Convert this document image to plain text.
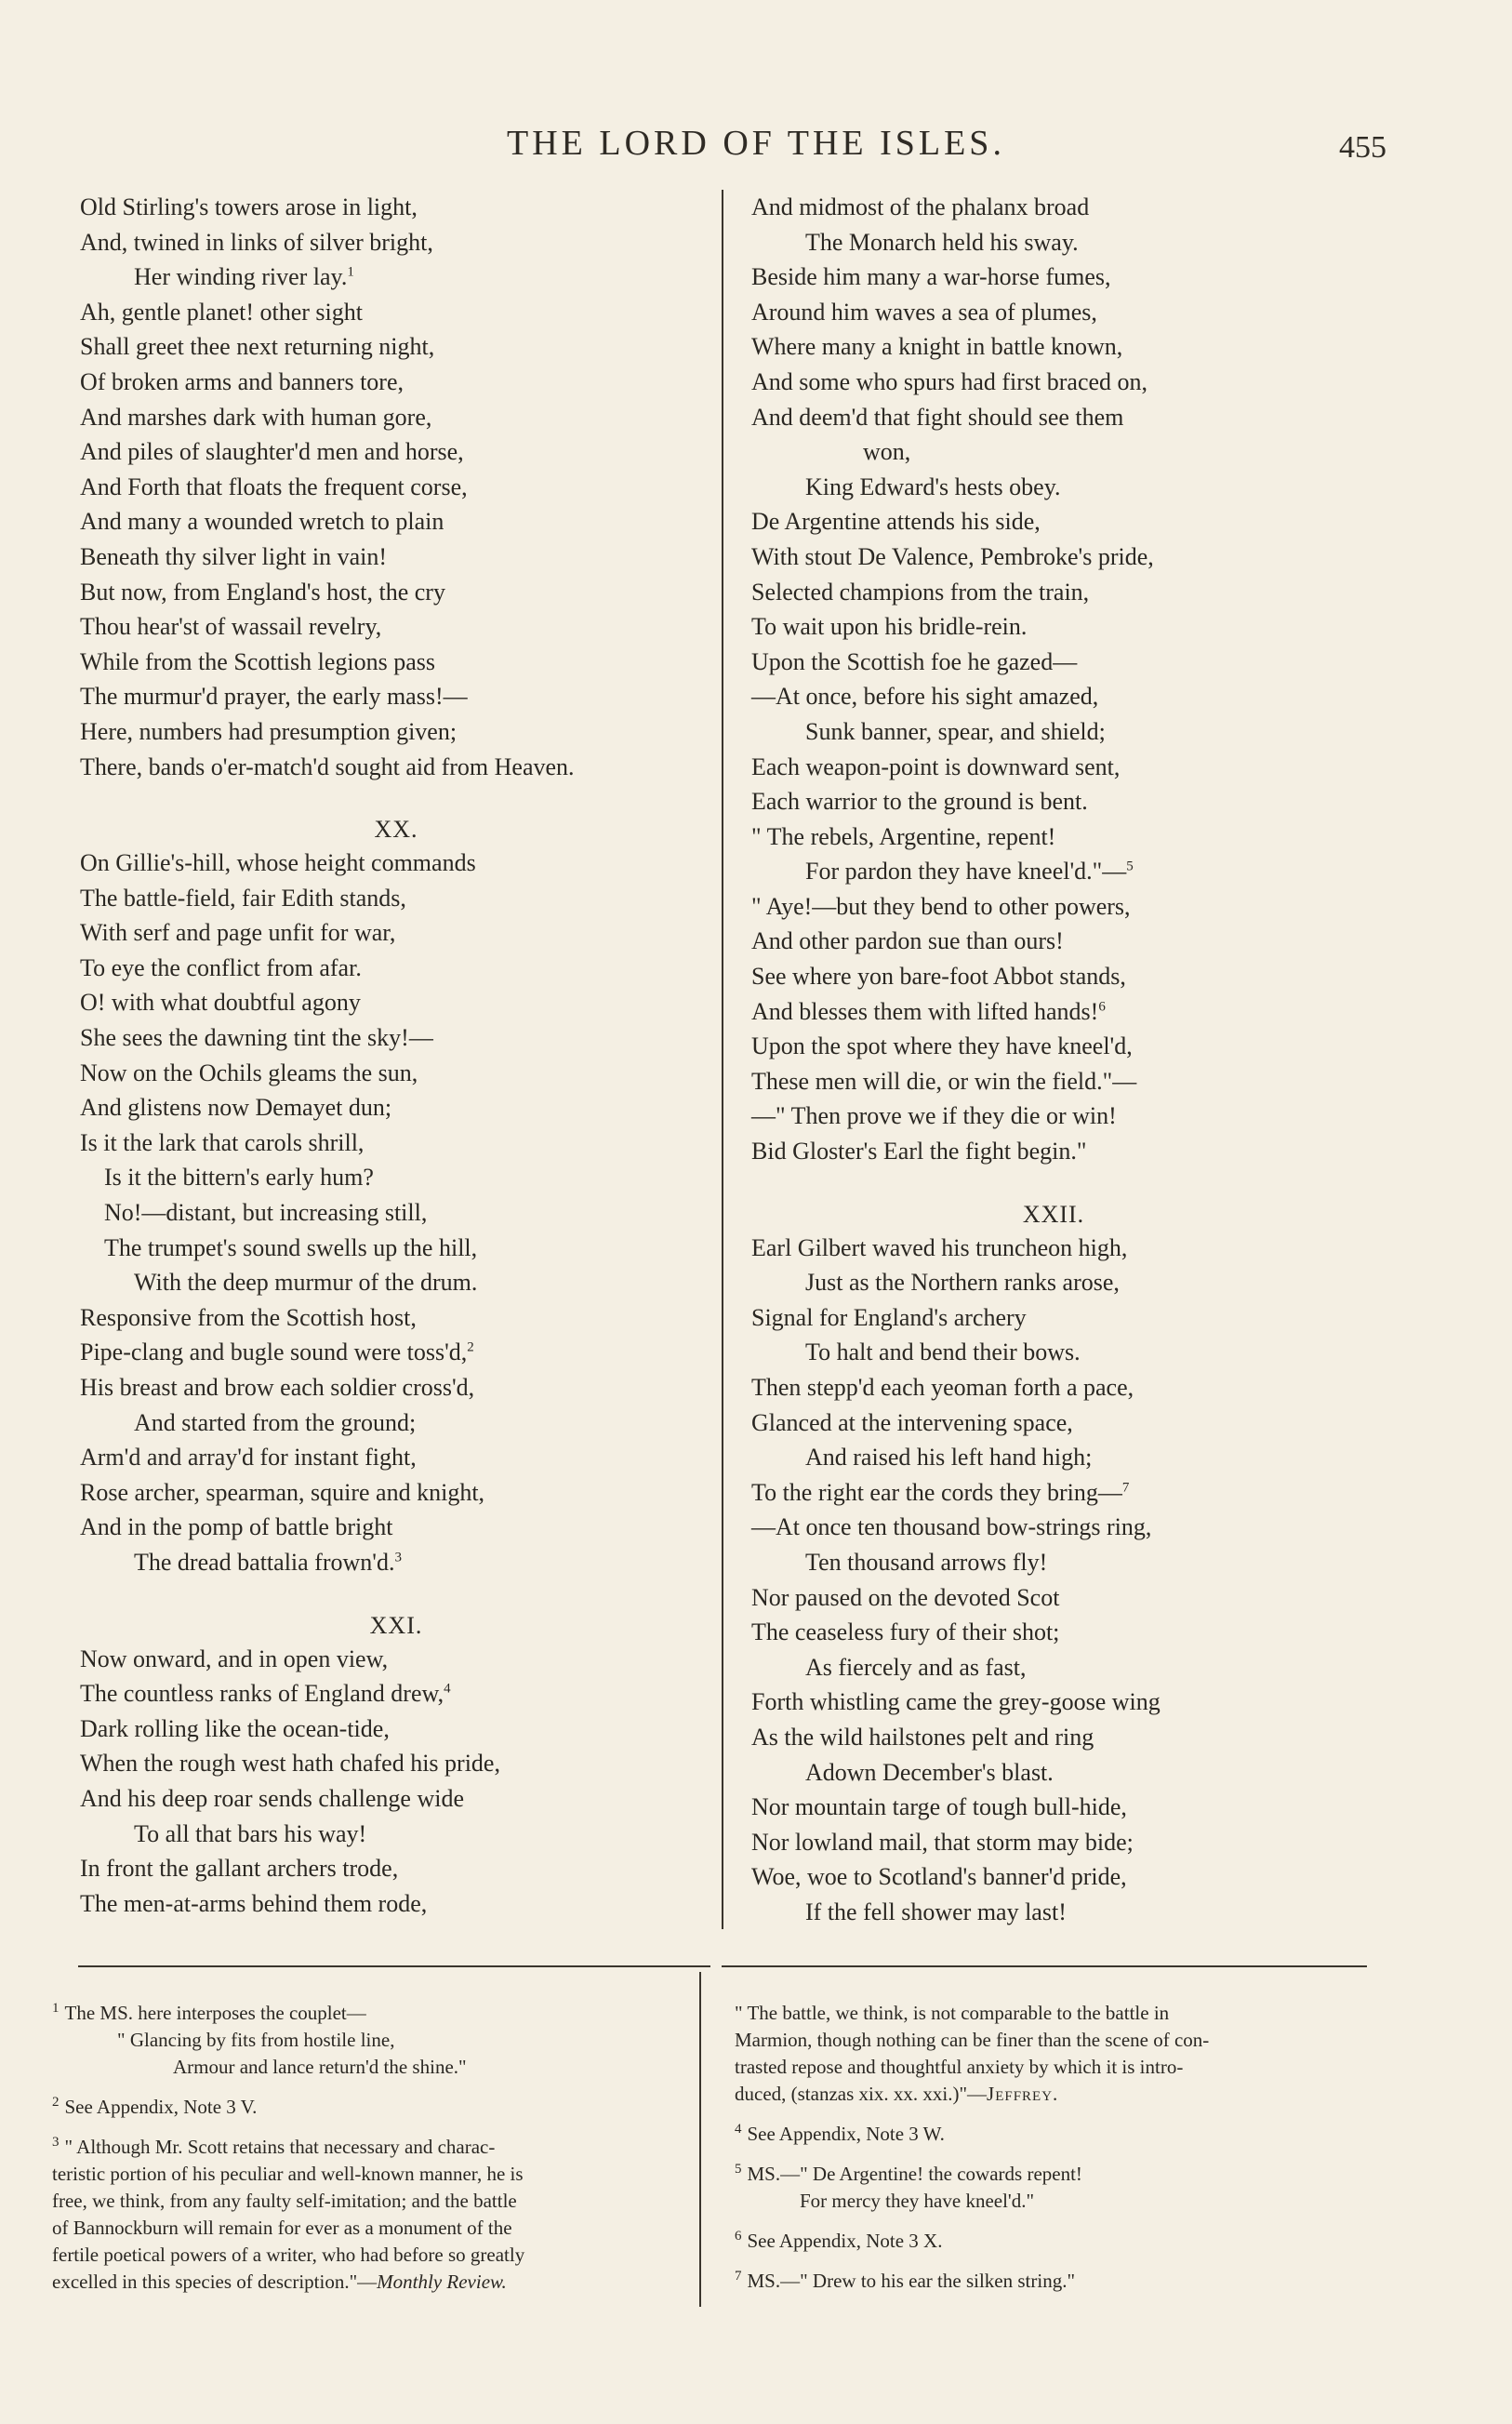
THE LORD OF THE ISLES.	455
Old Stirling's towers arose in light,
And, twined in links of silver bright,
Her winding river lay.$^1$
Ah, gentle planet! other sight
Shall greet thee next returning night,
Of broken arms and banners tore,
And marshes dark with human gore,
And piles of slaughter'd men and horse,
And Forth that floats the frequent corse,
And many a wounded wretch to plain
Beneath thy silver light in vain!
But now, from England's host, the cry
Thou hear'st of wassail revelry,
While from the Scottish legions pass
The murmur'd prayer, the early mass!—
Here, numbers had presumption given;
There, bands o'er-match'd sought aid from Heaven.
XX.
On Gillie's-hill, whose height commands
The battle-field, fair Edith stands,
With serf and page unfit for war,
To eye the conflict from afar.
O! with what doubtful agony
She sees the dawning tint the sky!—
Now on the Ochils gleams the sun,
And glistens now Demayet dun;
Is it the lark that carols shrill,
Is it the bittern's early hum?
No!—distant, but increasing still,
The trumpet's sound swells up the hill,
With the deep murmur of the drum.
Responsive from the Scottish host,
Pipe-clang and bugle sound were toss'd,$^2$
His breast and brow each soldier cross'd,
And started from the ground;
Arm'd and array'd for instant fight,
Rose archer, spearman, squire and knight,
And in the pomp of battle bright
The dread battalia frown'd.$^3$
XXI.
Now onward, and in open view,
The countless ranks of England drew,$^4$
Dark rolling like the ocean-tide,
When the rough west hath chafed his pride,
And his deep roar sends challenge wide
To all that bars his way!
In front the gallant archers trode,
The men-at-arms behind them rode,
And midmost of the phalanx broad
The Monarch held his sway.
Beside him many a war-horse fumes,
Around him waves a sea of plumes,
Where many a knight in battle known,
And some who spurs had first braced on,
And deem'd that fight should see them
won,
King Edward's hests obey.
De Argentine attends his side,
With stout De Valence, Pembroke's pride,
Selected champions from the train,
To wait upon his bridle-rein.
Upon the Scottish foe he gazed—
—At once, before his sight amazed,
Sunk banner, spear, and shield;
Each weapon-point is downward sent,
Each warrior to the ground is bent.
" The rebels, Argentine, repent!
For pardon they have kneel'd."—$^5$
" Aye!—but they bend to other powers,
And other pardon sue than ours!
See where yon bare-foot Abbot stands,
And blesses them with lifted hands!$^6$
Upon the spot where they have kneel'd,
These men will die, or win the field."—
—" Then prove we if they die or win!
Bid Gloster's Earl the fight begin."
XXII.
Earl Gilbert waved his truncheon high,
Just as the Northern ranks arose,
Signal for England's archery
To halt and bend their bows.
Then stepp'd each yeoman forth a pace,
Glanced at the intervening space,
And raised his left hand high;
To the right ear the cords they bring—$^7$
—At once ten thousand bow-strings ring,
Ten thousand arrows fly!
Nor paused on the devoted Scot
The ceaseless fury of their shot;
As fiercely and as fast,
Forth whistling came the grey-goose wing
As the wild hailstones pelt and ring
Adown December's blast.
Nor mountain targe of tough bull-hide,
Nor lowland mail, that storm may bide;
Woe, woe to Scotland's banner'd pride,
If the fell shower may last!
$^1$ The MS. here interposes the couplet—
" Glancing by fits from hostile line,
Armour and lance return'd the shine."
$^2$ See Appendix, Note 3 V.
$^3$ " Although Mr. Scott retains that necessary and charac-
teristic portion of his peculiar and well-known manner, he is
free, we think, from any faulty self-imitation; and the battle
of Bannockburn will remain for ever as a monument of the
fertile poetical powers of a writer, who had before so greatly
excelled in this species of description."—Monthly Review.
" The battle, we think, is not comparable to the battle in
Marmion, though nothing can be finer than the scene of con-
trasted repose and thoughtful anxiety by which it is intro-
duced, (stanzas xix. xx. xxi.)"—Jeffrey.
$^4$ See Appendix, Note 3 W.
$^5$ MS.—" De Argentine! the cowards repent!
For mercy they have kneel'd."
$^6$ See Appendix, Note 3 X.
$^7$ MS.—" Drew to his ear the silken string."
